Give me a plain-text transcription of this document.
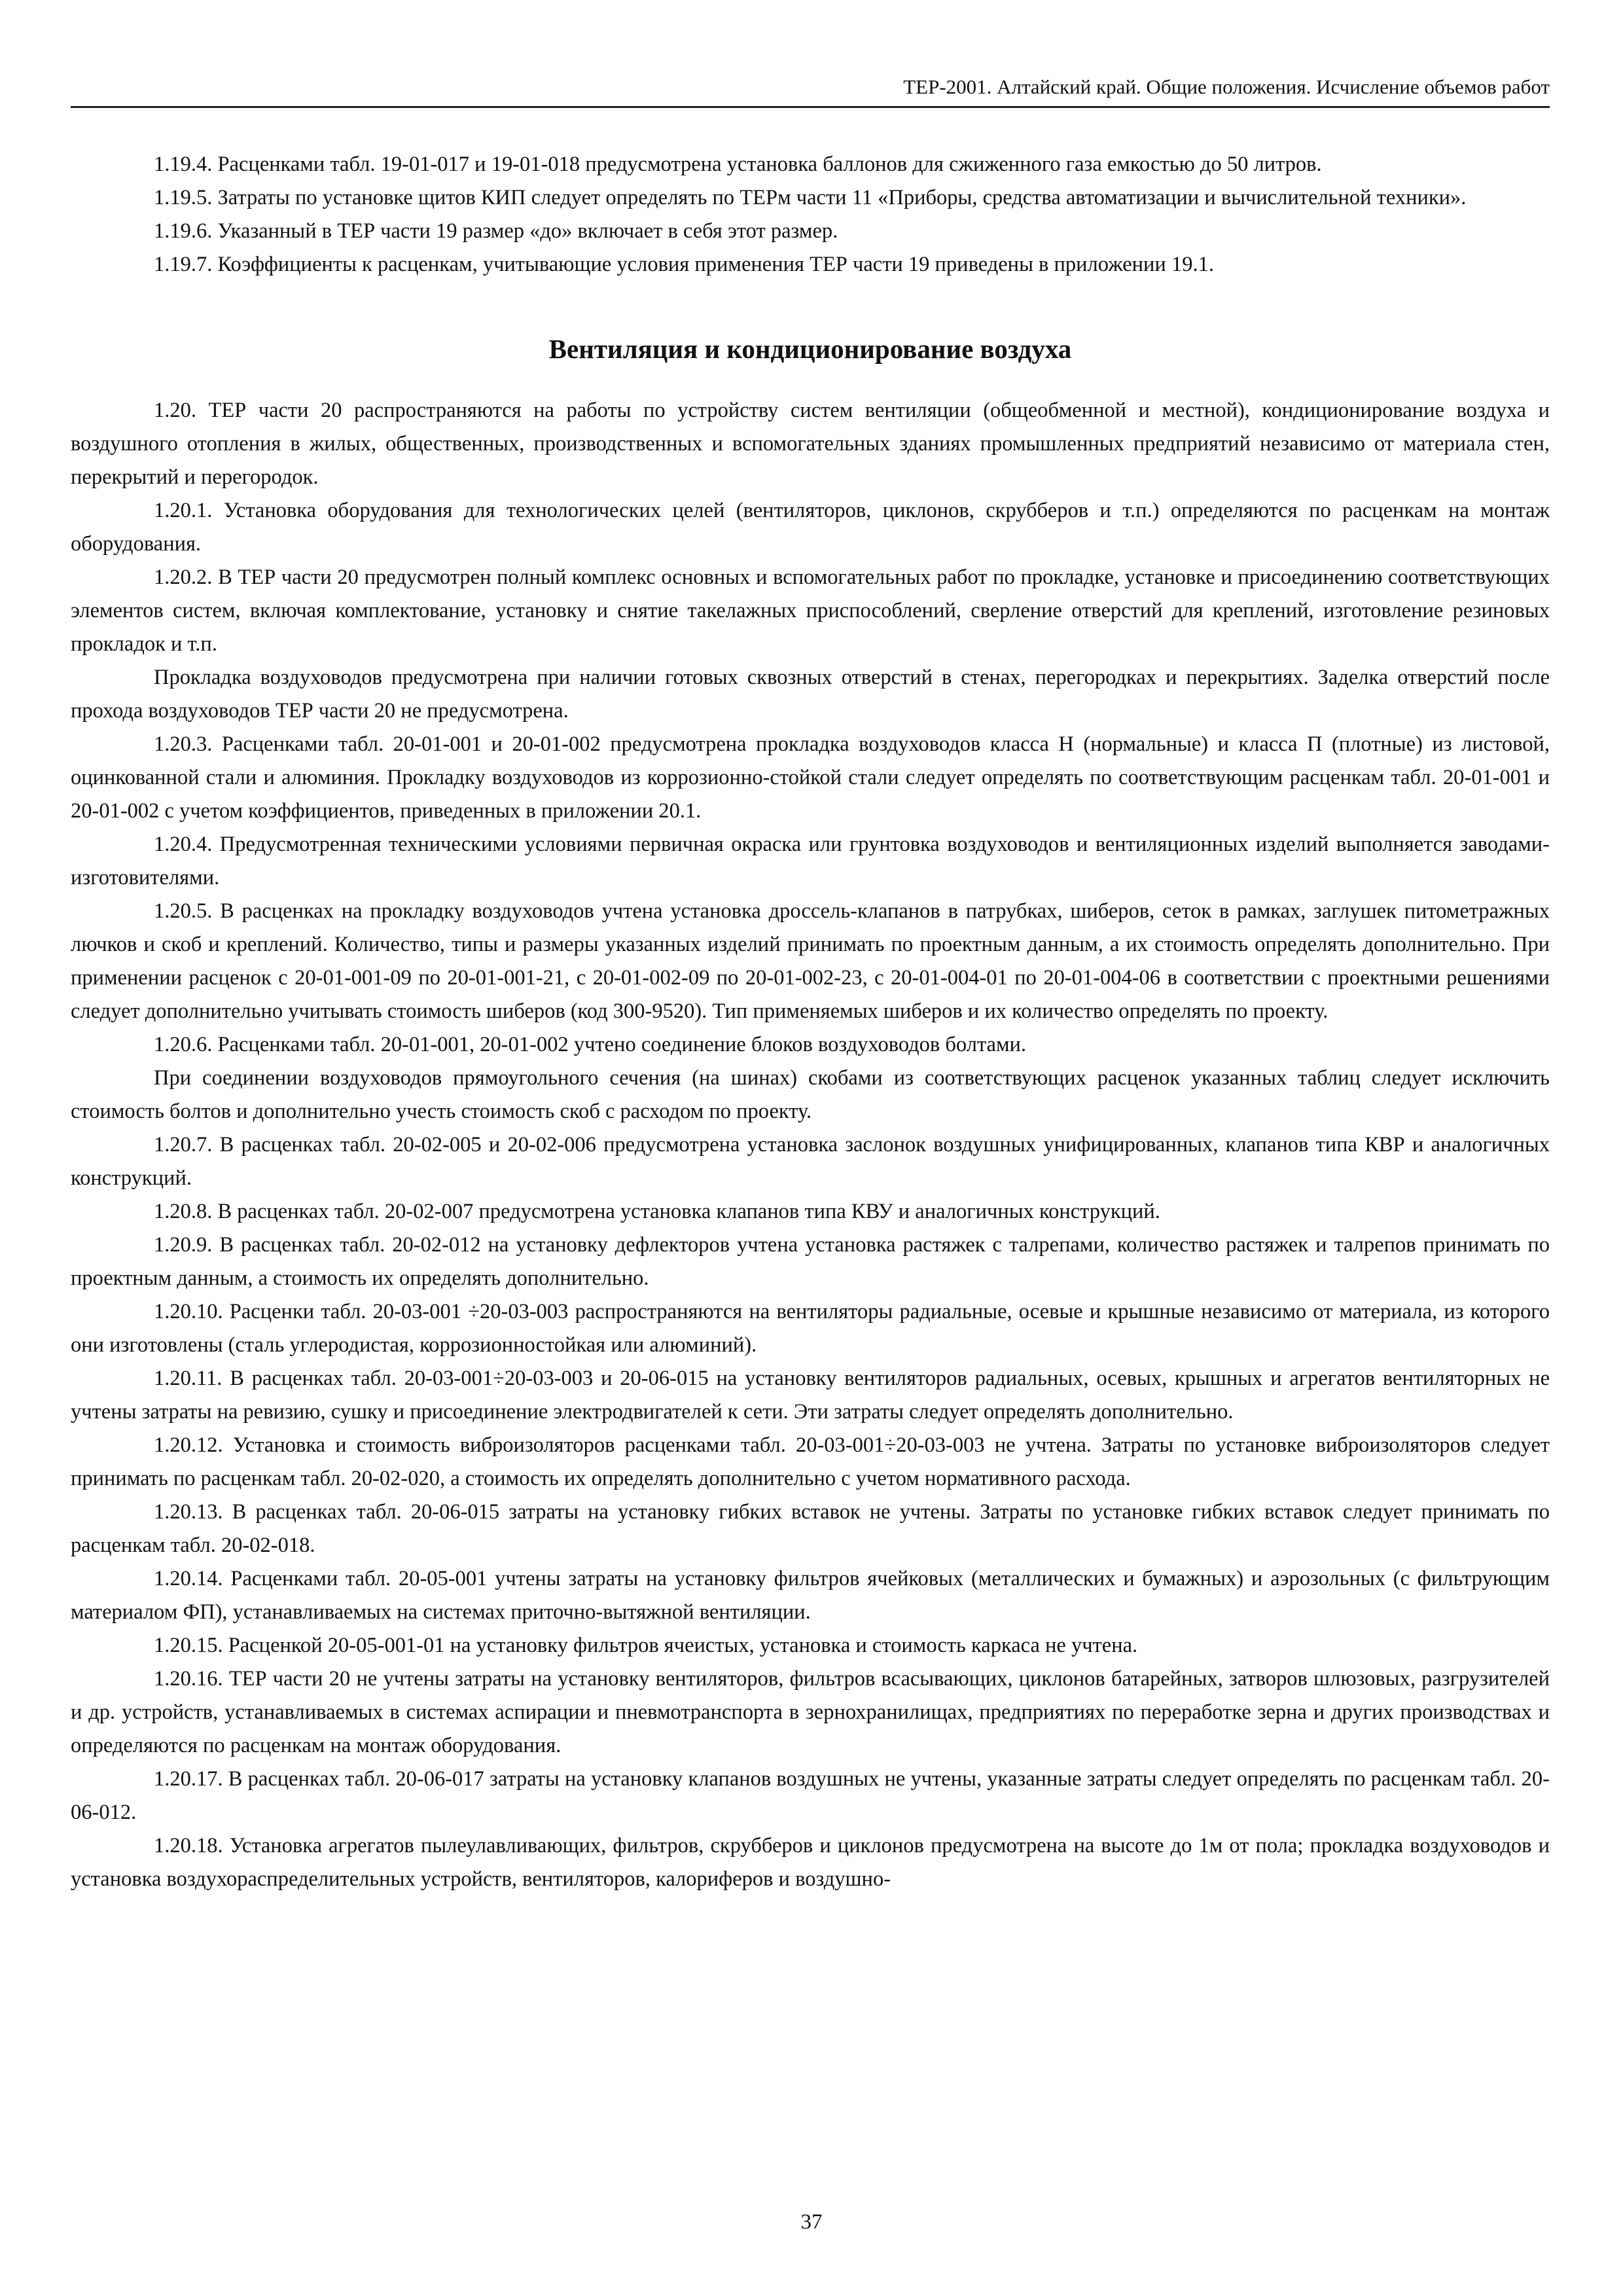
ТЕР-2001. Алтайский край. Общие положения. Исчисление объемов работ

1.19.4. Расценками табл. 19-01-017 и 19-01-018 предусмотрена установка баллонов для сжиженного газа емкостью до 50 литров.

1.19.5. Затраты по установке щитов КИП следует определять по ТЕРм части 11 «Приборы, средства автоматизации и вычислительной техники».

1.19.6. Указанный в ТЕР части 19 размер «до» включает в себя этот размер.

1.19.7. Коэффициенты к расценкам, учитывающие условия применения ТЕР части 19 приведены в приложении 19.1.

Вентиляция и кондиционирование воздуха

1.20. ТЕР части 20 распространяются на работы по устройству систем вентиляции (общеобменной и местной), кондиционирование воздуха и воздушного отопления в жилых, общественных, производственных и вспомогательных зданиях промышленных предприятий независимо от материала стен, перекрытий и перегородок.

1.20.1. Установка оборудования для технологических целей (вентиляторов, циклонов, скрубберов и т.п.) определяются по расценкам на монтаж оборудования.

1.20.2. В ТЕР части 20 предусмотрен полный комплекс основных и вспомогательных работ по прокладке, установке и присоединению соответствующих элементов систем, включая комплектование, установку и снятие такелажных приспособлений, сверление отверстий для креплений, изготовление резиновых прокладок и т.п.

Прокладка воздуховодов предусмотрена при наличии готовых сквозных отверстий в стенах, перегородках и перекрытиях. Заделка отверстий после прохода воздуховодов ТЕР части 20 не предусмотрена.

1.20.3. Расценками табл. 20-01-001 и 20-01-002 предусмотрена прокладка воздуховодов класса Н (нормальные) и класса П (плотные) из листовой, оцинкованной стали и алюминия. Прокладку воздуховодов из коррозионно-стойкой стали следует определять по соответствующим расценкам табл. 20-01-001 и 20-01-002 с учетом коэффициентов, приведенных в приложении 20.1.

1.20.4. Предусмотренная техническими условиями первичная окраска или грунтовка воздуховодов и вентиляционных изделий выполняется заводами-изготовителями.

1.20.5. В расценках на прокладку воздуховодов учтена установка дроссель-клапанов в патрубках, шиберов, сеток в рамках, заглушек питометражных лючков и скоб и креплений. Количество, типы и размеры указанных изделий принимать по проектным данным, а их стоимость определять дополнительно. При применении расценок с 20-01-001-09 по 20-01-001-21, с 20-01-002-09 по 20-01-002-23, с 20-01-004-01 по 20-01-004-06 в соответствии с проектными решениями следует дополнительно учитывать стоимость шиберов (код 300-9520). Тип применяемых шиберов и их количество определять по проекту.

1.20.6. Расценками табл. 20-01-001, 20-01-002 учтено соединение блоков воздуховодов болтами.

При соединении воздуховодов прямоугольного сечения (на шинах) скобами из соответствующих расценок указанных таблиц следует исключить стоимость болтов и дополнительно учесть стоимость скоб с расходом по проекту.

1.20.7. В расценках табл. 20-02-005 и 20-02-006 предусмотрена установка заслонок воздушных унифицированных, клапанов типа КВР и аналогичных конструкций.

1.20.8. В расценках табл. 20-02-007 предусмотрена установка клапанов типа КВУ и аналогичных конструкций.

1.20.9. В расценках табл. 20-02-012 на установку дефлекторов учтена установка растяжек с талрепами, количество растяжек и талрепов принимать по проектным данным, а стоимость их определять дополнительно.

1.20.10. Расценки табл. 20-03-001 ÷20-03-003 распространяются на вентиляторы радиальные, осевые и крышные независимо от материала, из которого они изготовлены (сталь углеродистая, коррозионностойкая или алюминий).

1.20.11. В расценках табл. 20-03-001÷20-03-003 и 20-06-015 на установку вентиляторов радиальных, осевых, крышных и агрегатов вентиляторных не учтены затраты на ревизию, сушку и присоединение электродвигателей к сети. Эти затраты следует определять дополнительно.

1.20.12. Установка и стоимость виброизоляторов расценками табл. 20-03-001÷20-03-003 не учтена. Затраты по установке виброизоляторов следует принимать по расценкам табл. 20-02-020, а стоимость их определять дополнительно с учетом нормативного расхода.

1.20.13. В расценках табл. 20-06-015 затраты на установку гибких вставок не учтены. Затраты по установке гибких вставок следует принимать по расценкам табл. 20-02-018.

1.20.14. Расценками табл. 20-05-001 учтены затраты на установку фильтров ячейковых (металлических и бумажных) и аэрозольных (с фильтрующим материалом ФП), устанавливаемых на системах приточно-вытяжной вентиляции.

1.20.15. Расценкой 20-05-001-01 на установку фильтров ячеистых, установка и стоимость каркаса не учтена.

1.20.16. ТЕР части 20 не учтены затраты на установку вентиляторов, фильтров всасывающих, циклонов батарейных, затворов шлюзовых, разгрузителей и др. устройств, устанавливаемых в системах аспирации и пневмотранспорта в зернохранилищах, предприятиях по переработке зерна и других производствах и определяются по расценкам на монтаж оборудования.

1.20.17. В расценках табл. 20-06-017 затраты на установку клапанов воздушных не учтены, указанные затраты следует определять по расценкам табл. 20-06-012.

1.20.18. Установка агрегатов пылеулавливающих, фильтров, скрубберов и циклонов предусмотрена на высоте до 1м от пола; прокладка воздуховодов и установка воздухораспределительных устройств, вентиляторов, калориферов и воздушно-

37
